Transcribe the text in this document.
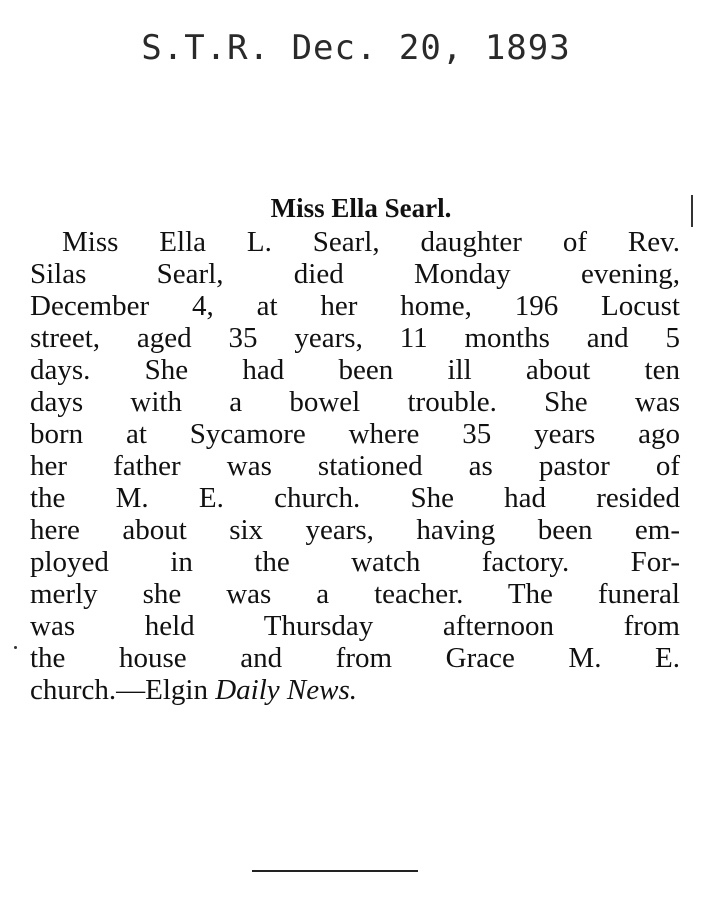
S.T.R. Dec. 20, 1893
Miss Ella Searl.
Miss Ella L. Searl, daughter of Rev.
Silas Searl, died Monday evening,
December 4, at her home, 196 Locust
street, aged 35 years, 11 months and 5
days. She had been ill about ten
days with a bowel trouble. She was
born at Sycamore where 35 years ago
her father was stationed as pastor of
the M. E. church. She had resided
here about six years, having been em-
ployed in the watch factory. For-
merly she was a teacher. The funeral
was held Thursday afternoon from
the house and from Grace M. E.
church.—Elgin Daily News.
